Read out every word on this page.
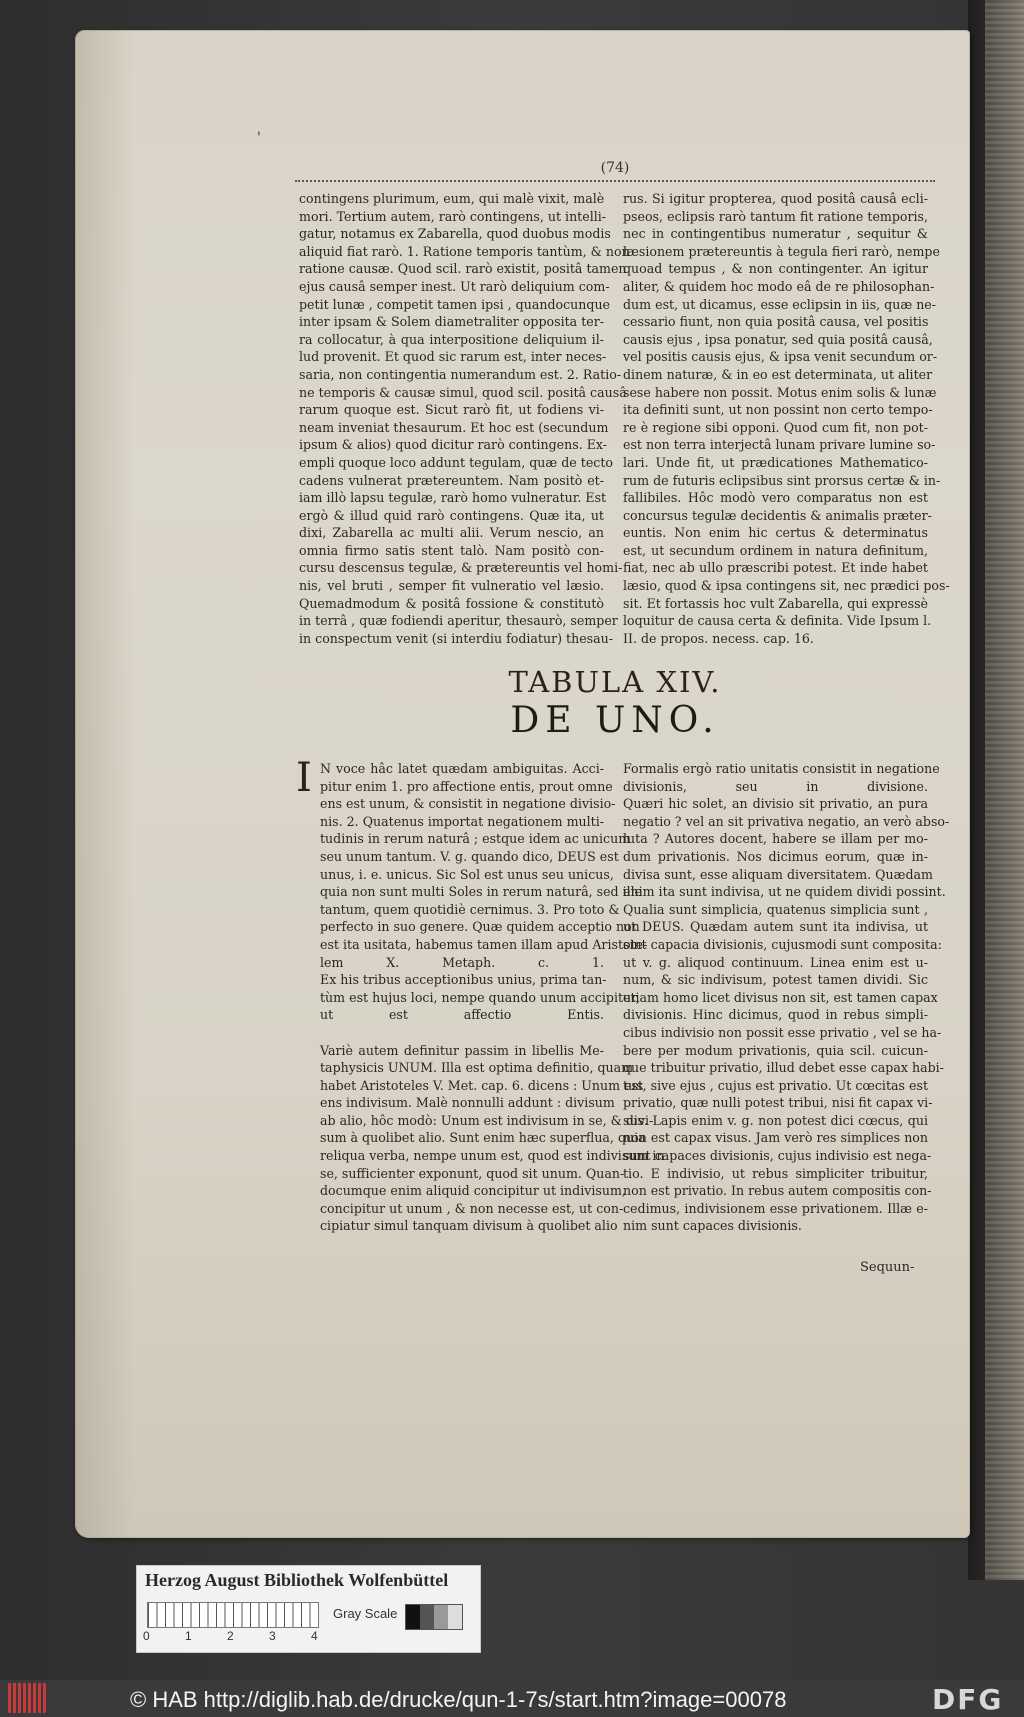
'
(74)
contingens plurimum, eum, qui malè vixit, malè
mori. Tertium autem, rarò contingens, ut intelli-
gatur, notamus ex Zabarella, quod duobus modis
aliquid fiat rarò. 1. Ratione temporis tantùm, & non
ratione causæ. Quod scil. rarò existit, positâ tamen
ejus causâ semper inest. Ut rarò deliquium com-
petit lunæ , competit tamen ipsi , quandocunque
inter ipsam & Solem diametraliter opposita ter-
ra collocatur, à qua interpositione deliquium il-
lud provenit. Et quod sic rarum est, inter neces-
saria, non contingentia numerandum est. 2. Ratio-
ne temporis & causæ simul, quod scil. positâ causâ
rarum quoque est. Sicut rarò fit, ut fodiens vi-
neam inveniat thesaurum. Et hoc est (secundum
ipsum & alios) quod dicitur rarò contingens. Ex-
empli quoque loco addunt tegulam, quæ de tecto
cadens vulnerat prætereuntem. Nam positò et-
iam illò lapsu tegulæ, rarò homo vulneratur. Est
ergò & illud quid rarò contingens. Quæ ita, ut
dixi, Zabarella ac multi alii. Verum nescio, an
omnia firmo satis stent talò. Nam positò con-
cursu descensus tegulæ, & prætereuntis vel homi-
nis, vel bruti , semper fit vulneratio vel læsio.
Quemadmodum & positâ fossione & constitutò
in terrâ , quæ fodiendi aperitur, thesaurò, semper
in conspectum venit (si interdiu fodiatur) thesau-
rus. Si igitur propterea, quod positâ causâ ecli-
pseos, eclipsis rarò tantum fit ratione temporis,
nec in contingentibus numeratur , sequitur &
læsionem prætereuntis à tegula fieri rarò, nempe
quoad tempus , & non contingenter. An igitur
aliter, & quidem hoc modo eâ de re philosophan-
dum est, ut dicamus, esse eclipsin in iis, quæ ne-
cessario fiunt, non quia positâ causa, vel positis
causis ejus , ipsa ponatur, sed quia positâ causâ,
vel positis causis ejus, & ipsa venit secundum or-
dinem naturæ, & in eo est determinata, ut aliter
sese habere non possit. Motus enim solis & lunæ
ita definiti sunt, ut non possint non certo tempo-
re è regione sibi opponi. Quod cum fit, non pot-
est non terra interjectâ lunam privare lumine so-
lari. Unde fit, ut prædicationes Mathematico-
rum de futuris eclipsibus sint prorsus certæ & in-
fallibiles. Hôc modò vero comparatus non est
concursus tegulæ decidentis & animalis præter-
euntis. Non enim hic certus & determinatus
est, ut secundum ordinem in natura definitum,
fiat, nec ab ullo præscribi potest. Et inde habet
læsio, quod & ipsa contingens sit, nec prædici pos-
sit. Et fortassis hoc vult Zabarella, qui expressè
loquitur de causa certa & definita. Vide Ipsum l.
II. de propos. necess. cap. 16.
TABULA XIV.
DE UNO.
I N voce hâc latet quædam ambiguitas. Acci-
pitur enim 1. pro affectione entis, prout omne
ens est unum, & consistit in negatione divisio-
nis. 2. Quatenus importat negationem multi-
tudinis in rerum naturâ ; estque idem ac unicum
seu unum tantum. V. g. quando dico, DEUS est
unus, i. e. unicus. Sic Sol est unus seu unicus,
quia non sunt multi Soles in rerum naturâ, sed ille
tantum, quem quotidiè cernimus. 3. Pro toto &
perfecto in suo genere. Quæ quidem acceptio non
est ita usitata, habemus tamen illam apud Aristote-
lem X. Metaph. c. 1.
Ex his tribus acceptionibus unius, prima tan-
tùm est hujus loci, nempe quando unum accipitur,
ut est affectio Entis.

Variè autem definitur passim in libellis Me-
taphysicis UNUM. Illa est optima definitio, quam
habet Aristoteles V. Met. cap. 6. dicens : Unum est
ens indivisum. Malè nonnulli addunt : divisum
ab alio, hôc modò: Unum est indivisum in se, & divi-
sum à quolibet alio. Sunt enim hæc superflua, quia
reliqua verba, nempe unum est, quod est indivisum in
se, sufficienter exponunt, quod sit unum. Quan-
documque enim aliquid concipitur ut indivisum,
concipitur ut unum , & non necesse est, ut con-
cipiatur simul tanquam divisum à quolibet alio
Formalis ergò ratio unitatis consistit in negatione
divisionis, seu in divisione.
Quæri hic solet, an divisio sit privatio, an pura
negatio ? vel an sit privativa negatio, an verò abso-
luta ? Autores docent, habere se illam per mo-
dum privationis. Nos dicimus eorum, quæ in-
divisa sunt, esse aliquam diversitatem. Quædam
enim ita sunt indivisa, ut ne quidem dividi possint.
Qualia sunt simplicia, quatenus simplicia sunt ,
ut DEUS. Quædam autem sunt ita indivisa, ut
sint capacia divisionis, cujusmodi sunt composita:
ut v. g. aliquod continuum. Linea enim est u-
num, & sic indivisum, potest tamen dividi. Sic
etiam homo licet divisus non sit, est tamen capax
divisionis. Hinc dicimus, quod in rebus simpli-
cibus indivisio non possit esse privatio , vel se ha-
bere per modum privationis, quia scil. cuicun-
que tribuitur privatio, illud debet esse capax habi-
tus, sive ejus , cujus est privatio. Ut cœcitas est
privatio, quæ nulli potest tribui, nisi fit capax vi-
sus. Lapis enim v. g. non potest dici cœcus, qui
non est capax visus. Jam verò res simplices non
sunt capaces divisionis, cujus indivisio est nega-
tio. E indivisio, ut rebus simpliciter tribuitur,
non est privatio. In rebus autem compositis con-
cedimus, indivisionem esse privationem. Illæ e-
nim sunt capaces divisionis.
Sequun-
Herzog August Bibliothek Wolfenbüttel
0	1	2	3	4
Gray Scale
© HAB http://diglib.hab.de/drucke/qun-1-7s/start.htm?image=00078	DFG
